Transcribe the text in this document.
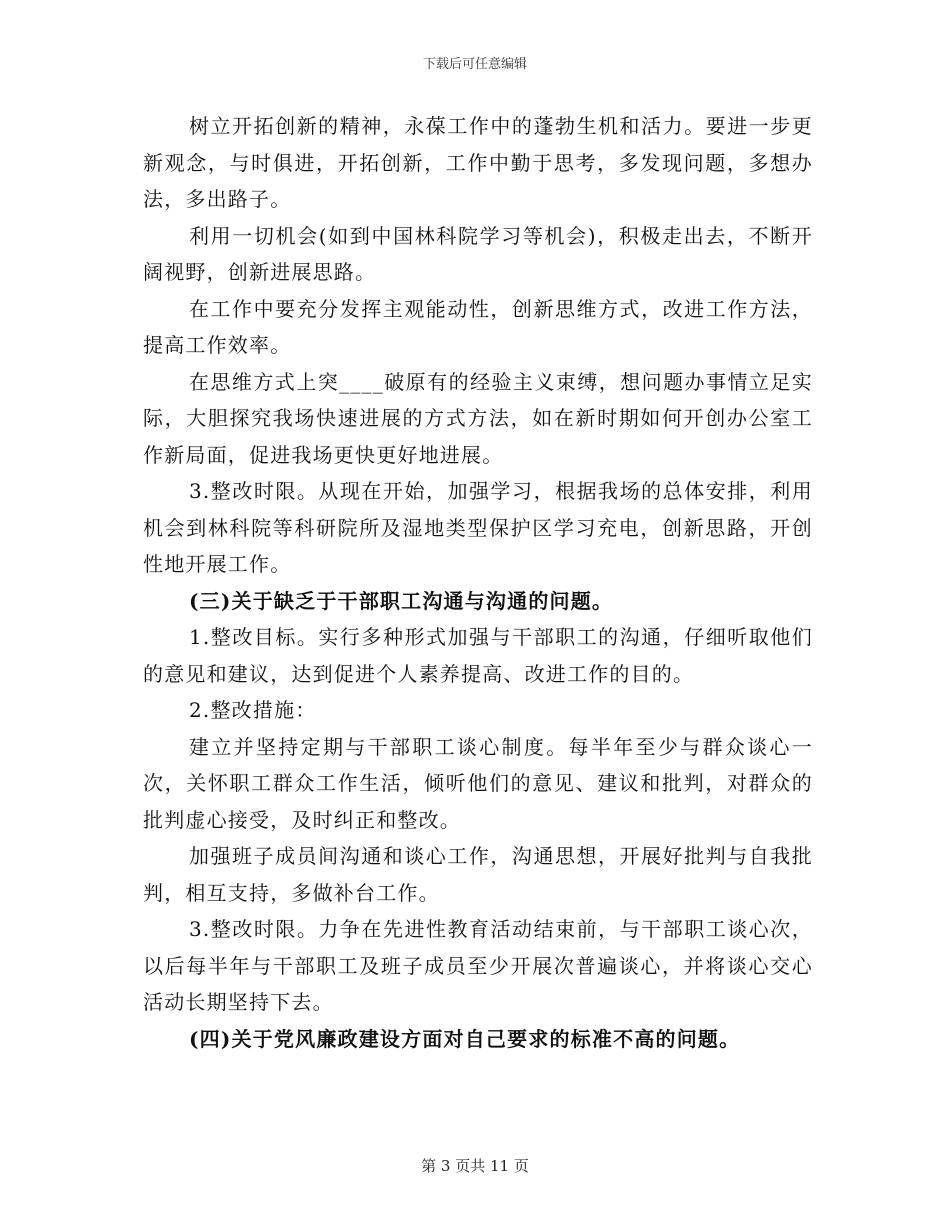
下载后可任意编辑

树立开拓创新的精神，永葆工作中的蓬勃生机和活力。要进一步更新观念，与时俱进，开拓创新，工作中勤于思考，多发现问题，多想办法，多出路子。

利用一切机会(如到中国林科院学习等机会)，积极走出去，不断开阔视野，创新进展思路。

在工作中要充分发挥主观能动性，创新思维方式，改进工作方法，提高工作效率。

在思维方式上突____破原有的经验主义束缚，想问题办事情立足实际，大胆探究我场快速进展的方式方法，如在新时期如何开创办公室工作新局面，促进我场更快更好地进展。

3.整改时限。从现在开始，加强学习，根据我场的总体安排，利用机会到林科院等科研院所及湿地类型保护区学习充电，创新思路，开创性地开展工作。

(三)关于缺乏于干部职工沟通与沟通的问题。

1.整改目标。实行多种形式加强与干部职工的沟通，仔细听取他们的意见和建议，达到促进个人素养提高、改进工作的目的。

2.整改措施：

建立并坚持定期与干部职工谈心制度。每半年至少与群众谈心一次，关怀职工群众工作生活，倾听他们的意见、建议和批判，对群众的批判虚心接受，及时纠正和整改。

加强班子成员间沟通和谈心工作，沟通思想，开展好批判与自我批判，相互支持，多做补台工作。

3.整改时限。力争在先进性教育活动结束前，与干部职工谈心次，以后每半年与干部职工及班子成员至少开展次普遍谈心，并将谈心交心活动长期坚持下去。

(四)关于党风廉政建设方面对自己要求的标准不高的问题。

第 3 页共 11 页
